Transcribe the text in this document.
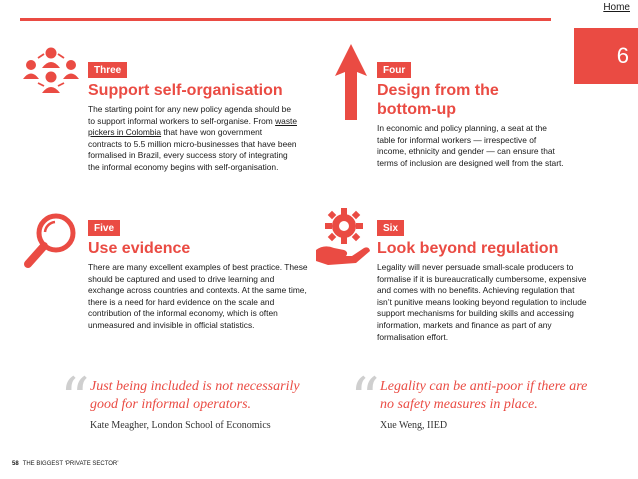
Home
6
Three
Support self-organisation
The starting point for any new policy agenda should be to support informal workers to self-organise. From waste pickers in Colombia that have won government contracts to 5.5 million micro-businesses that have been formalised in Brazil, every success story of integrating the informal economy begins with self-organisation.
Four
Design from the bottom-up
In economic and policy planning, a seat at the table for informal workers — irrespective of income, ethnicity and gender — can ensure that terms of inclusion are designed well from the start.
Five
Use evidence
There are many excellent examples of best practice. These should be captured and used to drive learning and exchange across countries and contexts. At the same time, there is a need for hard evidence on the scale and contribution of the informal economy, which is often unmeasured and invisible in official statistics.
Six
Look beyond regulation
Legality will never persuade small-scale producers to formalise if it is bureaucratically cumbersome, expensive and comes with no benefits. Achieving regulation that isn’t punitive means looking beyond regulation to include support mechanisms for building skills and accessing information, markets and finance as part of any formalisation effort.
“ Just being included is not necessarily good for informal operators.
Kate Meagher, London School of Economics	“ Legality can be anti-poor if there are no safety measures in place.
Xue Weng, IIED
58 THE BIGGEST ‘PRIVATE SECTOR’
